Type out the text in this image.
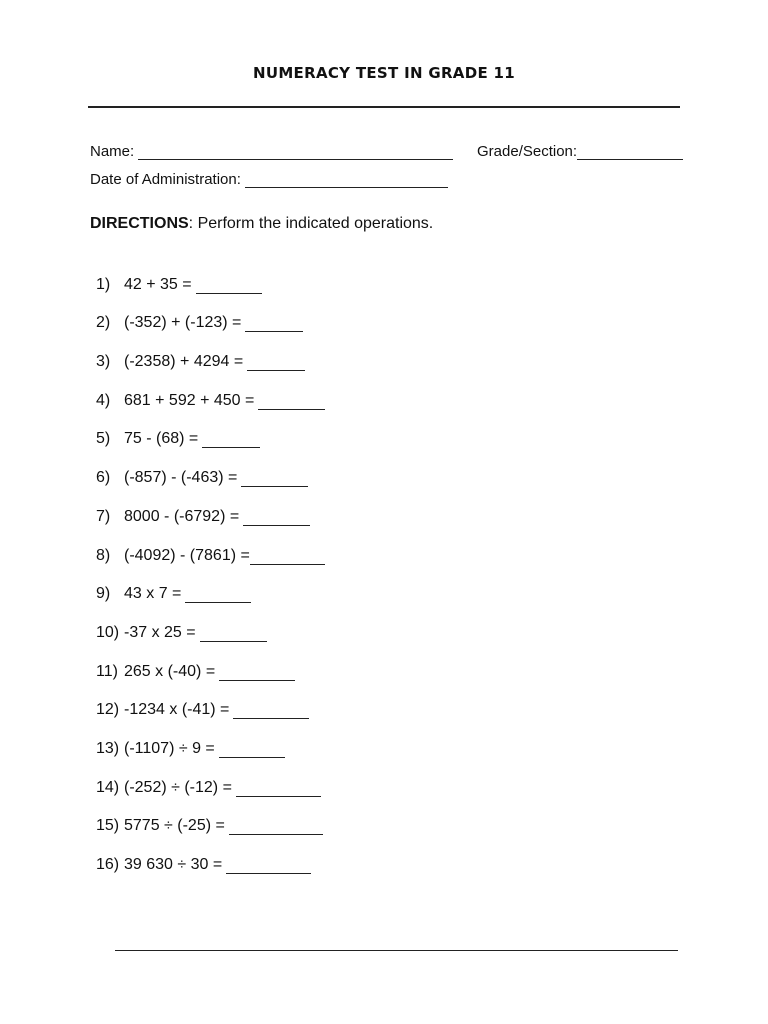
NUMERACY TEST IN GRADE 11
Name:	Grade/Section:
Date of Administration:
DIRECTIONS: Perform the indicated operations.
1) 42 + 35 =
2) (-352) + (-123) =
3) (-2358) + 4294 =
4) 681 + 592 + 450 =
5) 75 - (68) =
6) (-857) - (-463) =
7) 8000 - (-6792) =
8) (-4092) - (7861) =
9) 43 x 7 =
10) -37 x 25 =
11) 265 x (-40) =
12) -1234 x (-41) =
13) (-1107) ÷ 9 =
14) (-252) ÷ (-12) =
15) 5775 ÷ (-25) =
16) 39 630 ÷ 30 =
